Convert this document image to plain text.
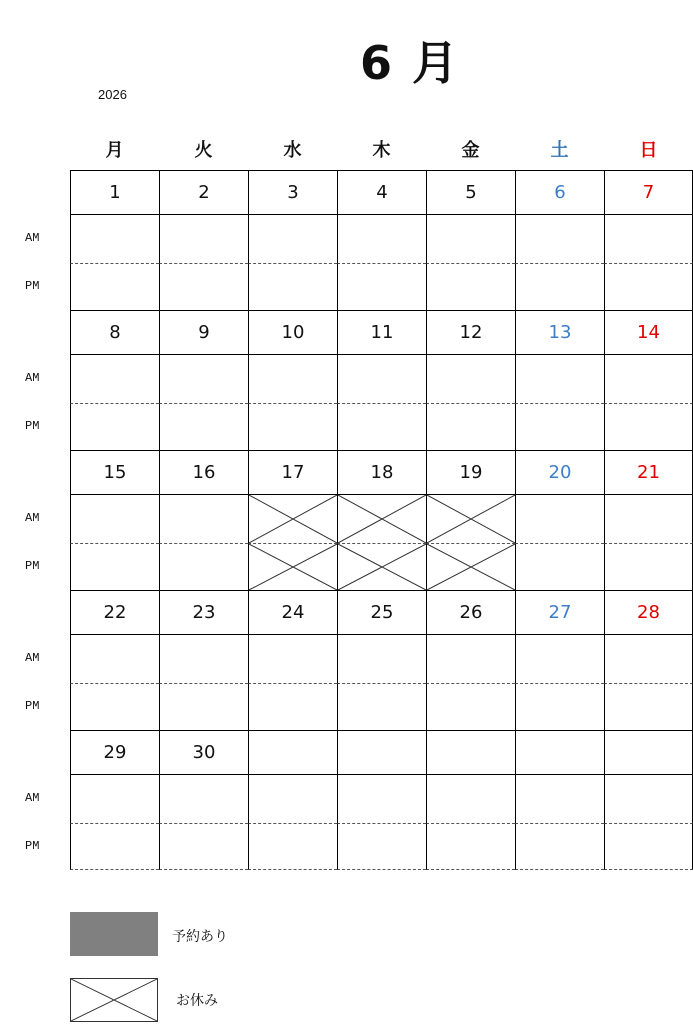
2026
6 月
月	火	水	木	金	土	日
AM
PM
AM
PM
AM
PM
AM
PM
AM
PM
1	2	3	4	5	6	7
8	9	10	11	12	13	14
15	16	17	18	19	20	21
22	23	24	25	26	27	28
29	30
予約あり
お休み
